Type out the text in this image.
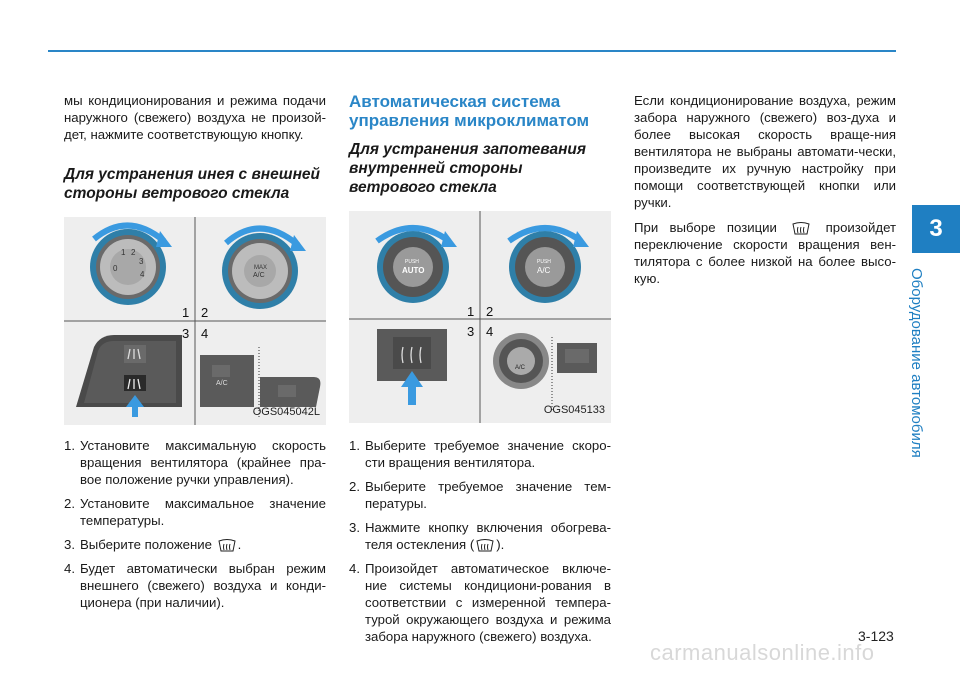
3
Оборудование автомобиля

мы кондиционирования и режима подачи наружного (свежего) воздуха не произой-дет, нажмите соответствующую кнопку.

Для устранения инея с внешней стороны ветрового стекла
0
1 2
3
4
MAX
A/C
A/C
1 2
3 4
OGS045042L
1. Установите максимальную скорость вращения вентилятора (крайнее пра-вое положение ручки управления).
2. Установите максимальное значение температуры.
3. Выберите положение .
4. Будет автоматически выбран режим внешнего (свежего) воздуха и конди-ционера (при наличии).
Автоматическая система управления микроклиматом
Для устранения запотевания внутренней стороны ветрового стекла
PUSH
AUTO
PUSH
A/C
A/C
1 2
3 4
OGS045133
1. Выберите требуемое значение скоро-сти вращения вентилятора.
2. Выберите требуемое значение тем-пературы.
3. Нажмите кнопку включения обогрева-теля остекления ( ).
4. Произойдет автоматическое включе-ние системы кондициони-рования в соответствии с измеренной темпера-турой окружающего воздуха и режима забора наружного (свежего) воздуха.

Если кондиционирование воздуха, режим забора наружного (свежего) воз-духа и более высокая скорость враще-ния вентилятора не выбраны автомати-чески, произведите их ручную настройку при помощи соответствующей кнопки или ручки.

При выборе позиции	произойдет переключение скорости вращения вен-тилятора с более низкой на более высо-кую.

3-123
carmanualsonline.info
